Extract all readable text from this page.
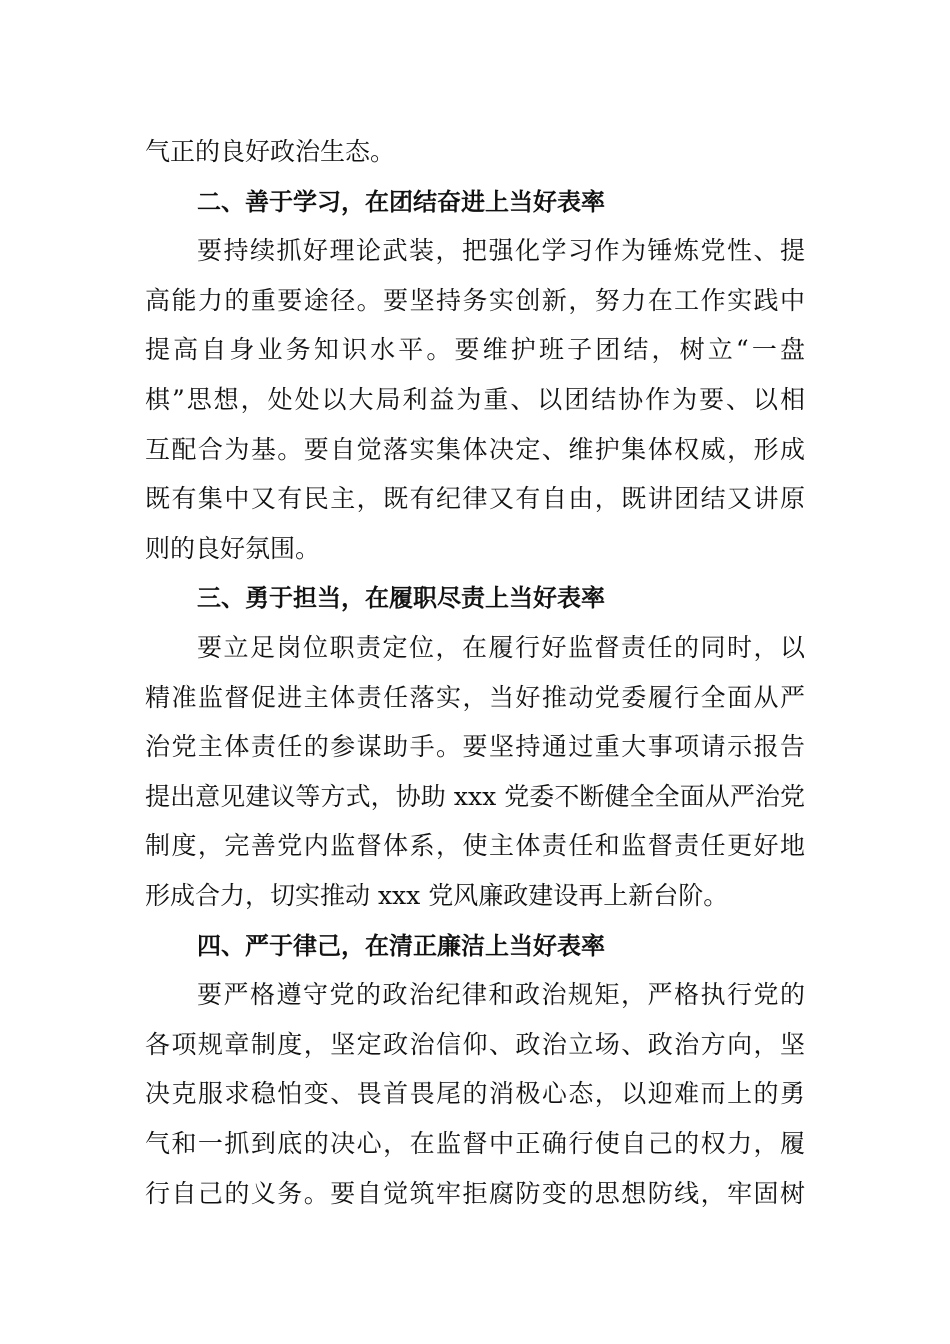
气正的良好政治生态。
二、善于学习，在团结奋进上当好表率
要持续抓好理论武装，把强化学习作为锤炼党性、提
高能力的重要途径。要坚持务实创新，努力在工作实践中
提高自身业务知识水平。要维护班子团结，树立“一盘
棋”思想，处处以大局利益为重、以团结协作为要、以相
互配合为基。要自觉落实集体决定、维护集体权威，形成
既有集中又有民主，既有纪律又有自由，既讲团结又讲原
则的良好氛围。
三、勇于担当，在履职尽责上当好表率
要立足岗位职责定位，在履行好监督责任的同时，以
精准监督促进主体责任落实，当好推动党委履行全面从严
治党主体责任的参谋助手。要坚持通过重大事项请示报告
提出意见建议等方式，协助 xxx 党委不断健全全面从严治党
制度，完善党内监督体系，使主体责任和监督责任更好地
形成合力，切实推动 xxx 党风廉政建设再上新台阶。
四、严于律己，在清正廉洁上当好表率
要严格遵守党的政治纪律和政治规矩，严格执行党的
各项规章制度，坚定政治信仰、政治立场、政治方向，坚
决克服求稳怕变、畏首畏尾的消极心态，以迎难而上的勇
气和一抓到底的决心，在监督中正确行使自己的权力，履
行自己的义务。要自觉筑牢拒腐防变的思想防线，牢固树
